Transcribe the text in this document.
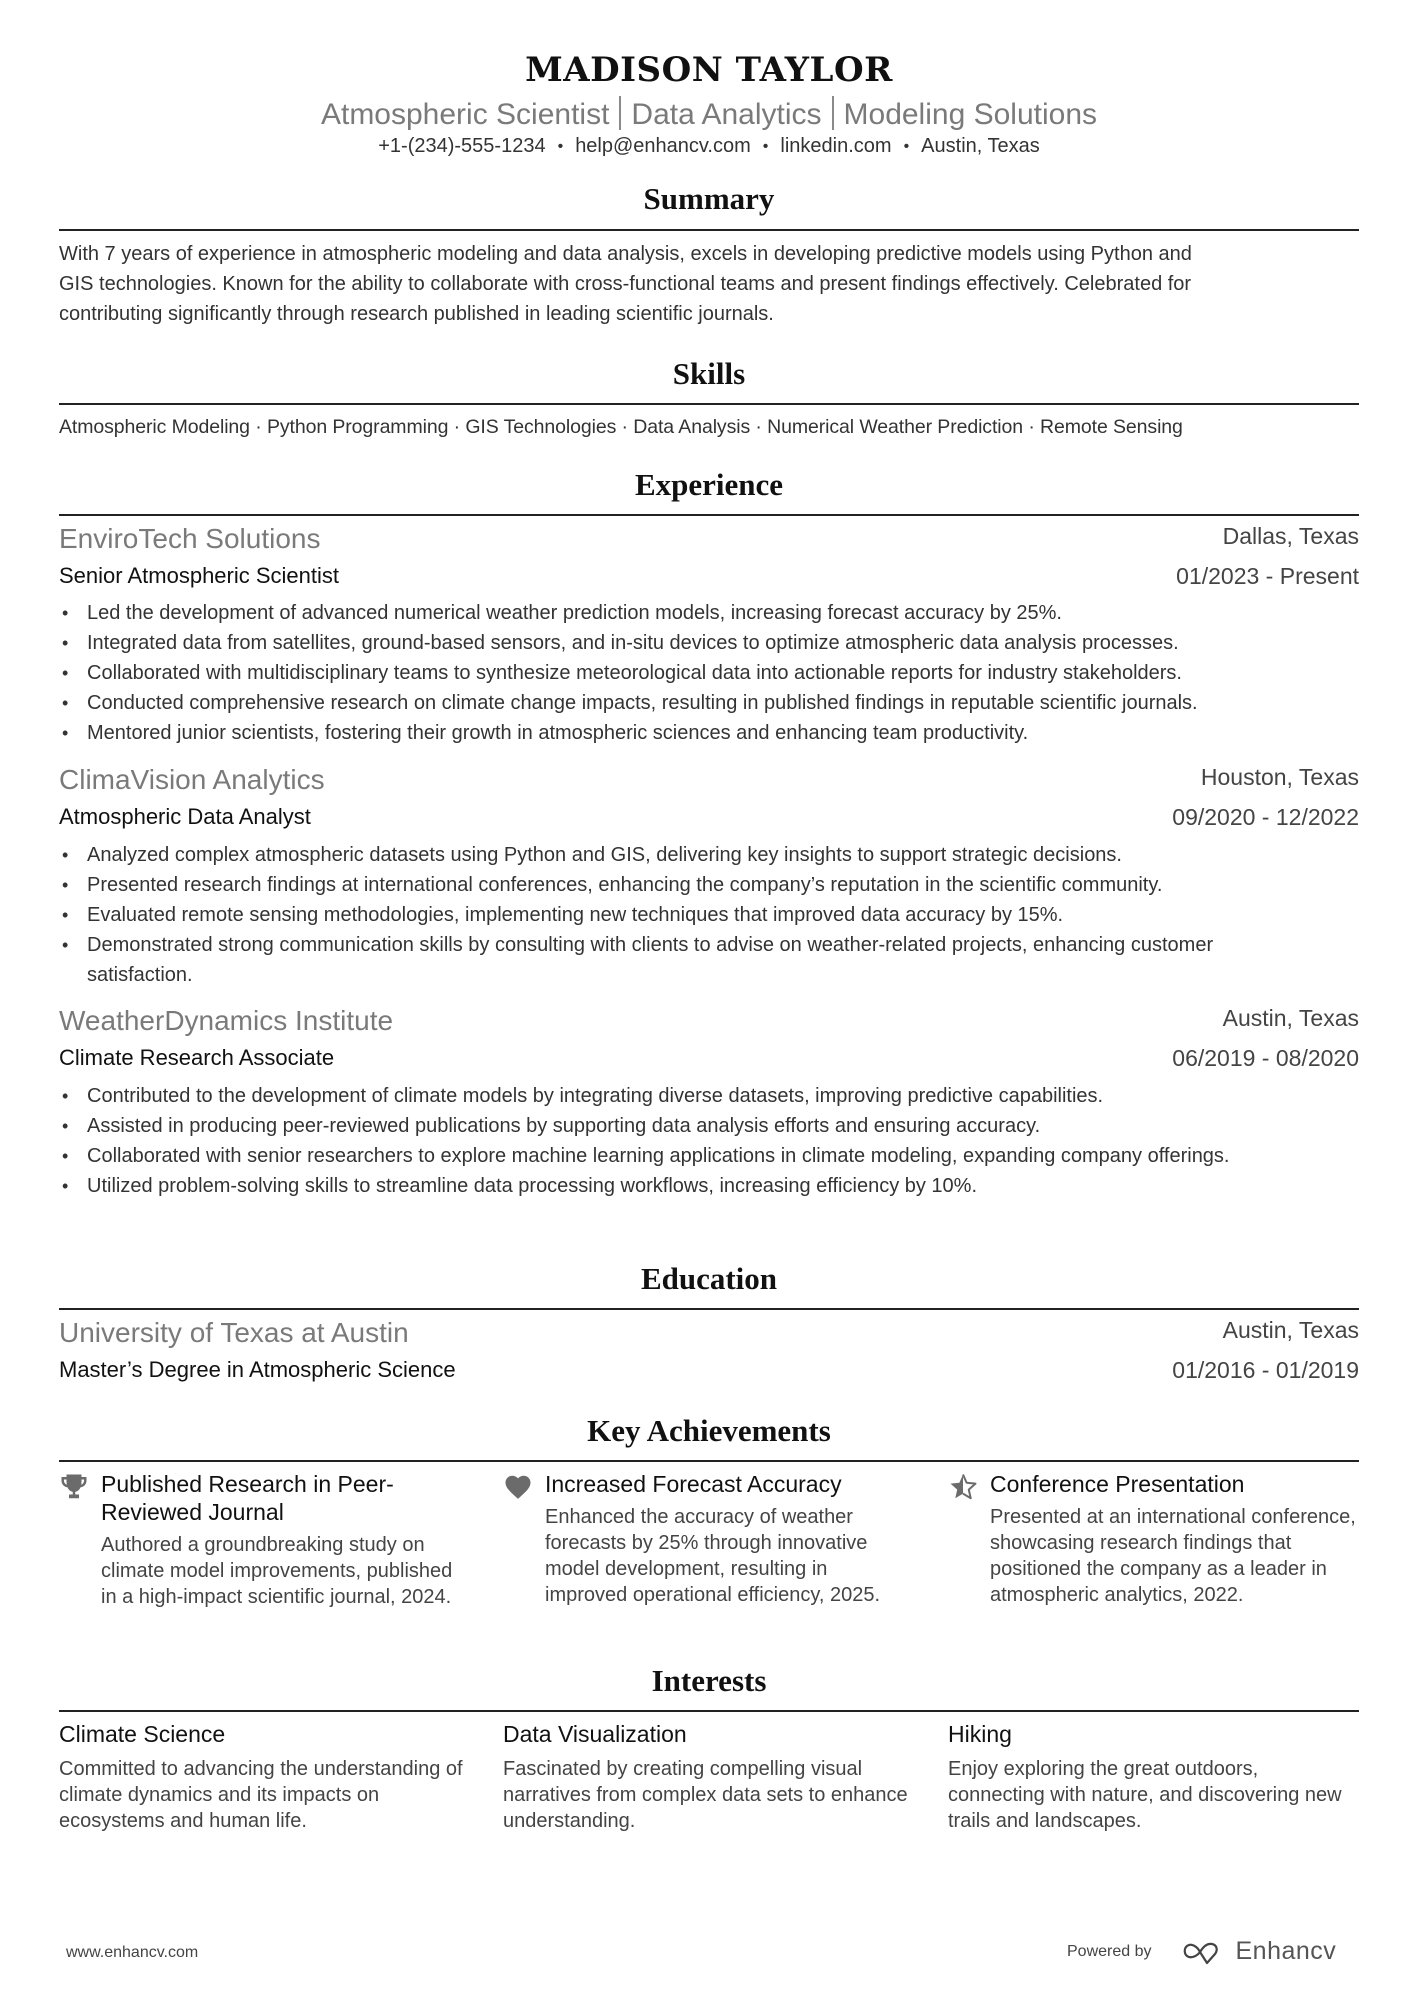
MADISON TAYLOR
Atmospheric Scientist Data Analytics Modeling Solutions
+1-(234)-555-1234 • help@enhancv.com • linkedin.com • Austin, Texas
Summary
With 7 years of experience in atmospheric modeling and data analysis, excels in developing predictive models using Python and
GIS technologies. Known for the ability to collaborate with cross-functional teams and present findings effectively. Celebrated for
contributing significantly through research published in leading scientific journals.
Skills
Atmospheric Modeling · Python Programming · GIS Technologies · Data Analysis · Numerical Weather Prediction · Remote Sensing
Experience
EnviroTech Solutions	Dallas, Texas
Senior Atmospheric Scientist	01/2023 - Present
• Led the development of advanced numerical weather prediction models, increasing forecast accuracy by 25%.
• Integrated data from satellites, ground-based sensors, and in-situ devices to optimize atmospheric data analysis processes.
• Collaborated with multidisciplinary teams to synthesize meteorological data into actionable reports for industry stakeholders.
• Conducted comprehensive research on climate change impacts, resulting in published findings in reputable scientific journals.
• Mentored junior scientists, fostering their growth in atmospheric sciences and enhancing team productivity.
ClimaVision Analytics	Houston, Texas
Atmospheric Data Analyst	09/2020 - 12/2022
• Analyzed complex atmospheric datasets using Python and GIS, delivering key insights to support strategic decisions.
• Presented research findings at international conferences, enhancing the company’s reputation in the scientific community.
• Evaluated remote sensing methodologies, implementing new techniques that improved data accuracy by 15%.
• Demonstrated strong communication skills by consulting with clients to advise on weather-related projects, enhancing customer satisfaction.
WeatherDynamics Institute	Austin, Texas
Climate Research Associate	06/2019 - 08/2020
• Contributed to the development of climate models by integrating diverse datasets, improving predictive capabilities.
• Assisted in producing peer-reviewed publications by supporting data analysis efforts and ensuring accuracy.
• Collaborated with senior researchers to explore machine learning applications in climate modeling, expanding company offerings.
• Utilized problem-solving skills to streamline data processing workflows, increasing efficiency by 10%.
Education
University of Texas at Austin	Austin, Texas
Master’s Degree in Atmospheric Science	01/2016 - 01/2019
Key Achievements
Published Research in Peer-Reviewed Journal
Authored a groundbreaking study on climate model improvements, published in a high-impact scientific journal, 2024.
Increased Forecast Accuracy
Enhanced the accuracy of weather forecasts by 25% through innovative model development, resulting in improved operational efficiency, 2025.
Conference Presentation
Presented at an international conference, showcasing research findings that positioned the company as a leader in atmospheric analytics, 2022.
Interests
Climate Science
Committed to advancing the understanding of climate dynamics and its impacts on ecosystems and human life.
Data Visualization
Fascinated by creating compelling visual narratives from complex data sets to enhance understanding.
Hiking
Enjoy exploring the great outdoors, connecting with nature, and discovering new trails and landscapes.
www.enhancv.com	Powered by	Enhancv
